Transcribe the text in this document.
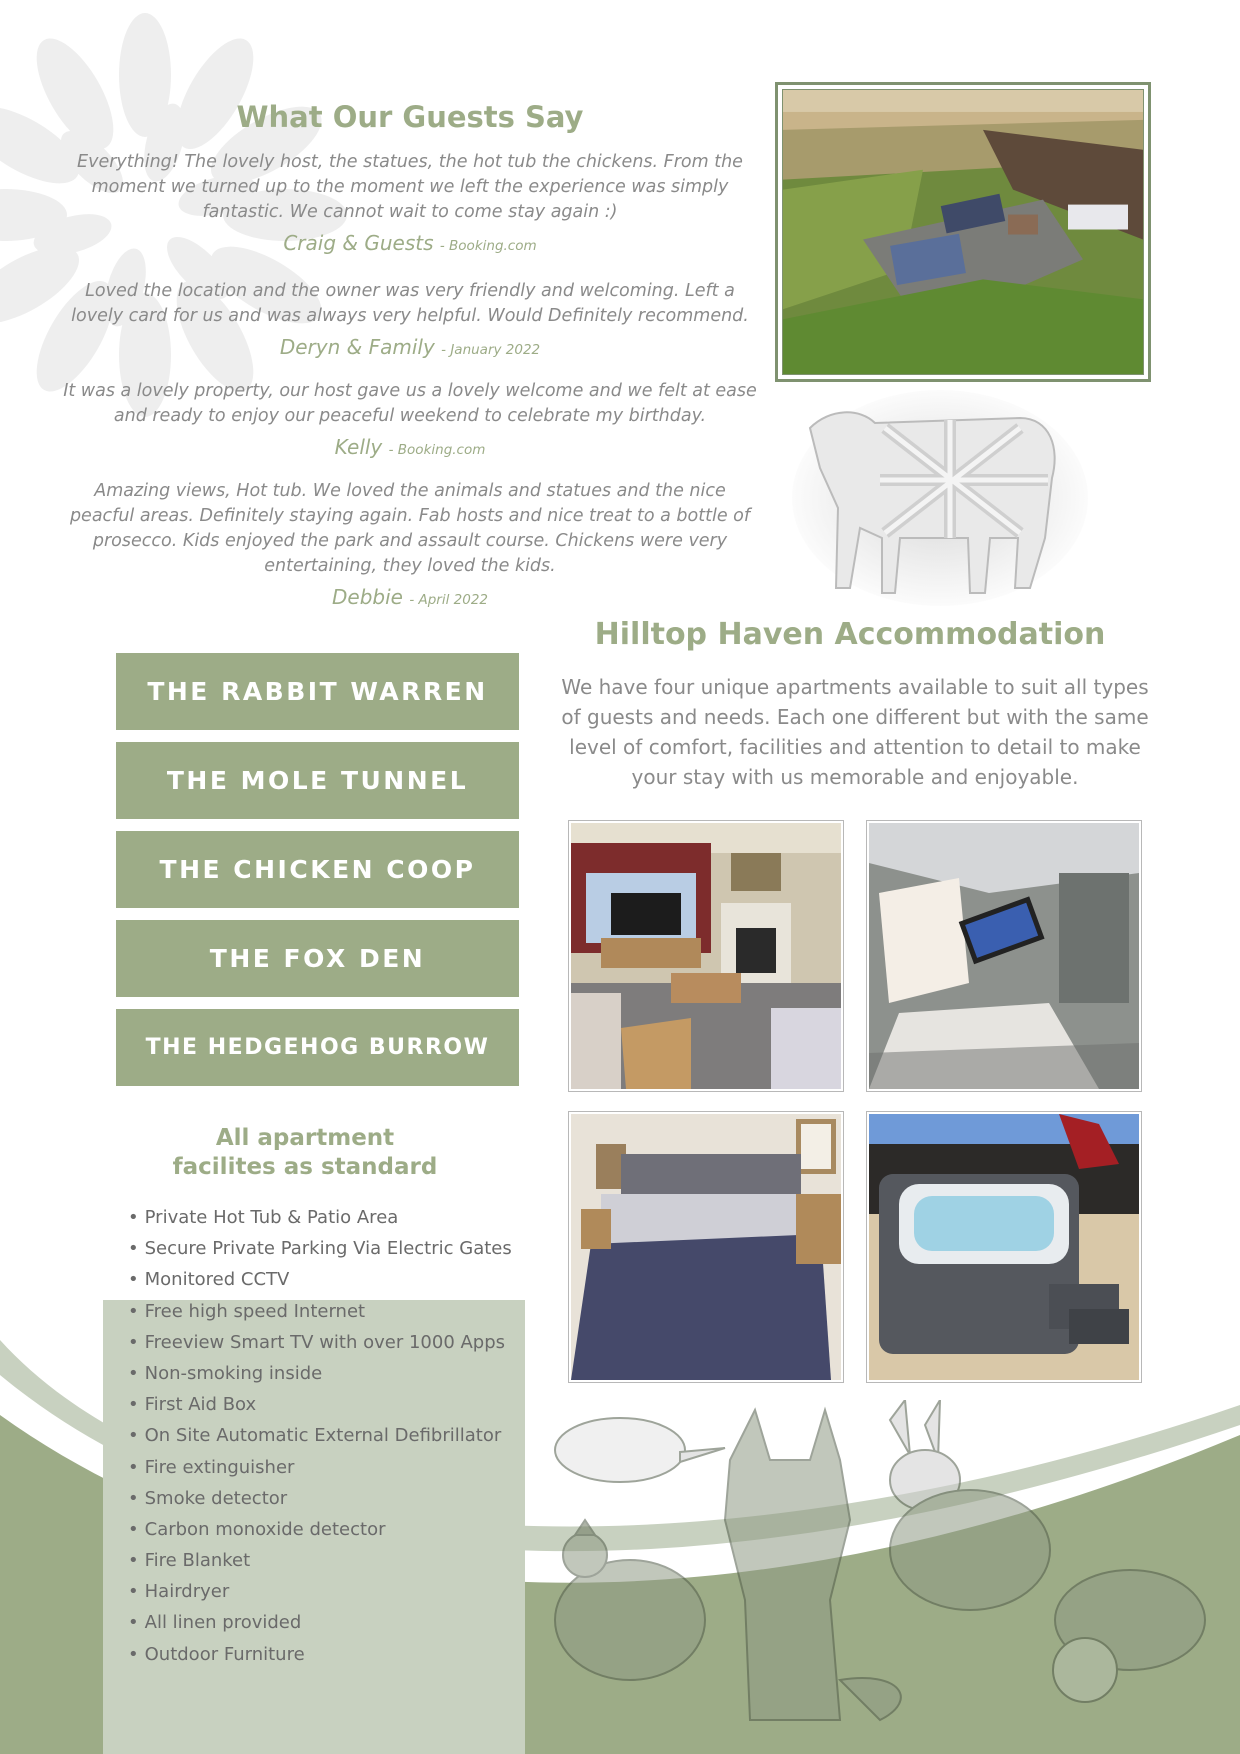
What Our Guests Say

Everything! The lovely host, the statues, the hot tub the chickens. From the moment we turned up to the moment we left the experience was simply fantastic. We cannot wait to come stay again :)

Craig & Guests - Booking.com

Loved the location and the owner was very friendly and welcoming. Left a lovely card for us and was always very helpful. Would Definitely recommend.

Deryn & Family - January 2022

It was a lovely property, our host gave us a lovely welcome and we felt at ease and ready to enjoy our peaceful weekend to celebrate my birthday.

Kelly - Booking.com

Amazing views, Hot tub. We loved the animals and statues and the nice peacful areas. Definitely staying again. Fab hosts and nice treat to a bottle of prosecco. Kids enjoyed the park and assault course. Chickens were very entertaining, they loved the kids.

Debbie - April 2022
Hilltop Haven Accommodation

We have four unique apartments available to suit all types of guests and needs. Each one different but with the same level of comfort, facilities and attention to detail to make your stay with us memorable and enjoyable.

THE RABBIT WARREN
THE MOLE TUNNEL
THE CHICKEN COOP
THE FOX DEN
THE HEDGEHOG BURROW
All apartment
facilites as standard
• Private Hot Tub & Patio Area
• Secure Private Parking Via Electric Gates
• Monitored CCTV
• Free high speed Internet
• Freeview Smart TV with over 1000 Apps
• Non-smoking inside
• First Aid Box
• On Site Automatic External Defibrillator
• Fire extinguisher
• Smoke detector
• Carbon monoxide detector
• Fire Blanket
• Hairdryer
• All linen provided
• Outdoor Furniture
